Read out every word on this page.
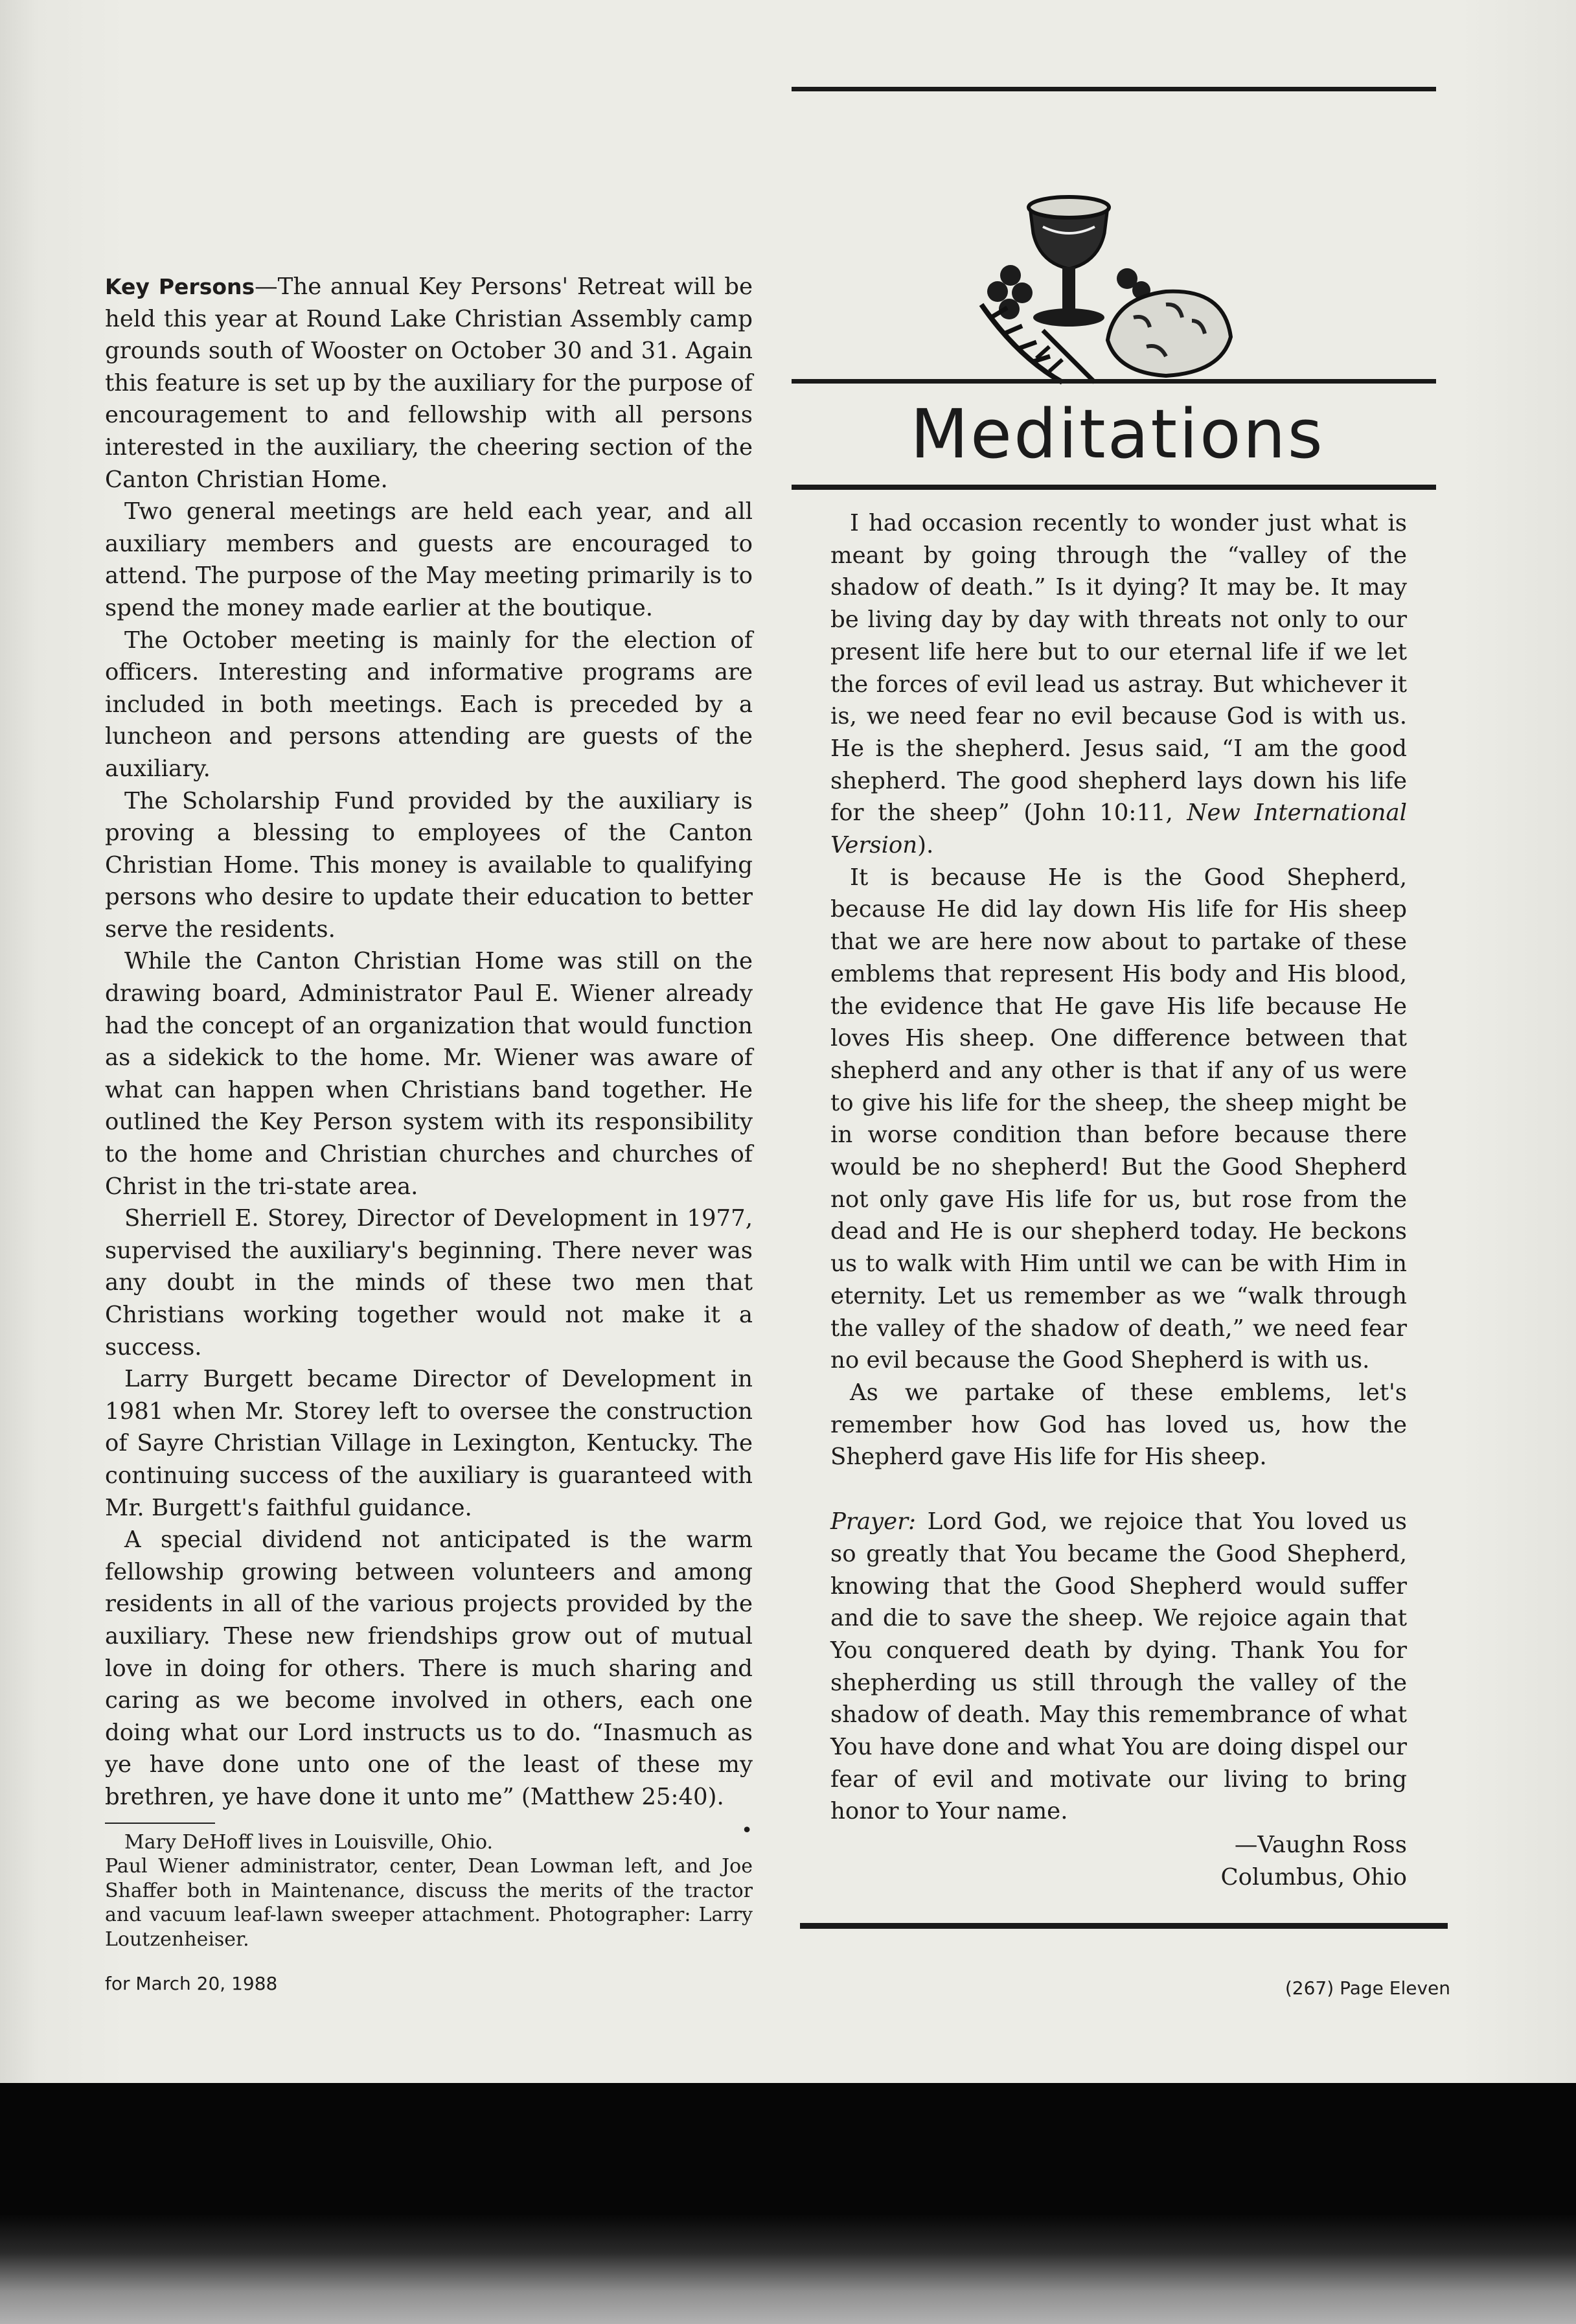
Key Persons—The annual Key Persons' Retreat will be held this year at Round Lake Christian Assembly camp grounds south of Wooster on October 30 and 31. Again this feature is set up by the auxiliary for the purpose of encouragement to and fellowship with all persons interested in the auxiliary, the cheering section of the Canton Christian Home.

Two general meetings are held each year, and all auxiliary members and guests are encouraged to attend. The purpose of the May meeting primarily is to spend the money made earlier at the boutique.

The October meeting is mainly for the election of officers. Interesting and informative programs are included in both meetings. Each is preceded by a luncheon and persons attending are guests of the auxiliary.

The Scholarship Fund provided by the auxiliary is proving a blessing to employees of the Canton Christian Home. This money is available to qualifying persons who desire to update their education to better serve the residents.

While the Canton Christian Home was still on the drawing board, Administrator Paul E. Wiener already had the concept of an organization that would function as a sidekick to the home. Mr. Wiener was aware of what can happen when Christians band together. He outlined the Key Person system with its responsibility to the home and Christian churches and churches of Christ in the tri-state area.

Sherriell E. Storey, Director of Development in 1977, supervised the auxiliary's beginning. There never was any doubt in the minds of these two men that Christians working together would not make it a success.

Larry Burgett became Director of Development in 1981 when Mr. Storey left to oversee the construction of Sayre Christian Village in Lexington, Kentucky. The continuing success of the auxiliary is guaranteed with Mr. Burgett's faithful guidance.

A special dividend not anticipated is the warm fellowship growing between volunteers and among residents in all of the various projects provided by the auxiliary. These new friendships grow out of mutual love in doing for others. There is much sharing and caring as we become involved in others, each one doing what our Lord instructs us to do. “Inasmuch as ye have done unto one of the least of these my brethren, ye have done it unto me” (Matthew 25:40).
•

Mary DeHoff lives in Louisville, Ohio.

Paul Wiener administrator, center, Dean Lowman left, and Joe Shaffer both in Maintenance, discuss the merits of the tractor and vacuum leaf-lawn sweeper attachment. Photographer: Larry Loutzenheiser.

Meditations

I had occasion recently to wonder just what is meant by going through the “valley of the shadow of death.” Is it dying? It may be. It may be living day by day with threats not only to our present life here but to our eternal life if we let the forces of evil lead us astray. But whichever it is, we need fear no evil because God is with us. He is the shepherd. Jesus said, “I am the good shepherd. The good shepherd lays down his life for the sheep” (John 10:11, New International Version).

It is because He is the Good Shepherd, because He did lay down His life for His sheep that we are here now about to partake of these emblems that represent His body and His blood, the evidence that He gave His life because He loves His sheep. One difference between that shepherd and any other is that if any of us were to give his life for the sheep, the sheep might be in worse condition than before because there would be no shepherd! But the Good Shepherd not only gave His life for us, but rose from the dead and He is our shepherd today. He beckons us to walk with Him until we can be with Him in eternity. Let us remember as we “walk through the valley of the shadow of death,” we need fear no evil because the Good Shepherd is with us.

As we partake of these emblems, let's remember how God has loved us, how the Shepherd gave His life for His sheep.

Prayer: Lord God, we rejoice that You loved us so greatly that You became the Good Shepherd, knowing that the Good Shepherd would suffer and die to save the sheep. We rejoice again that You conquered death by dying. Thank You for shepherding us still through the valley of the shadow of death. May this remembrance of what You have done and what You are doing dispel our fear of evil and motivate our living to bring honor to Your name.

—Vaughn Ross
Columbus, Ohio
for March 20, 1988	(267) Page Eleven
